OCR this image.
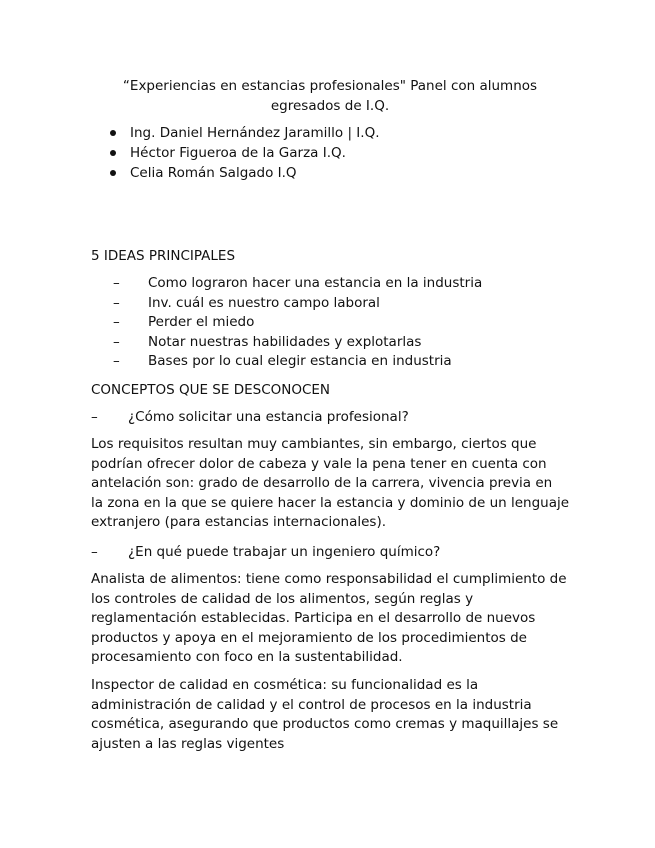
“Experiencias en estancias profesionales" Panel con alumnos
egresados de I.Q.
Ing. Daniel Hernández Jaramillo | I.Q.
Héctor Figueroa de la Garza I.Q.
Celia Román Salgado I.Q
5 IDEAS PRINCIPALES
– Como lograron hacer una estancia en la industria
– Inv. cuál es nuestro campo laboral
– Perder el miedo
– Notar nuestras habilidades y explotarlas
– Bases por lo cual elegir estancia en industria
CONCEPTOS QUE SE DESCONOCEN
– ¿Cómo solicitar una estancia profesional?
Los requisitos resultan muy cambiantes, sin embargo, ciertos que
podrían ofrecer dolor de cabeza y vale la pena tener en cuenta con
antelación son: grado de desarrollo de la carrera, vivencia previa en
la zona en la que se quiere hacer la estancia y dominio de un lenguaje
extranjero (para estancias internacionales).
– ¿En qué puede trabajar un ingeniero químico?
Analista de alimentos: tiene como responsabilidad el cumplimiento de
los controles de calidad de los alimentos, según reglas y
reglamentación establecidas. Participa en el desarrollo de nuevos
productos y apoya en el mejoramiento de los procedimientos de
procesamiento con foco en la sustentabilidad.
Inspector de calidad en cosmética: su funcionalidad es la
administración de calidad y el control de procesos en la industria
cosmética, asegurando que productos como cremas y maquillajes se
ajusten a las reglas vigentes
